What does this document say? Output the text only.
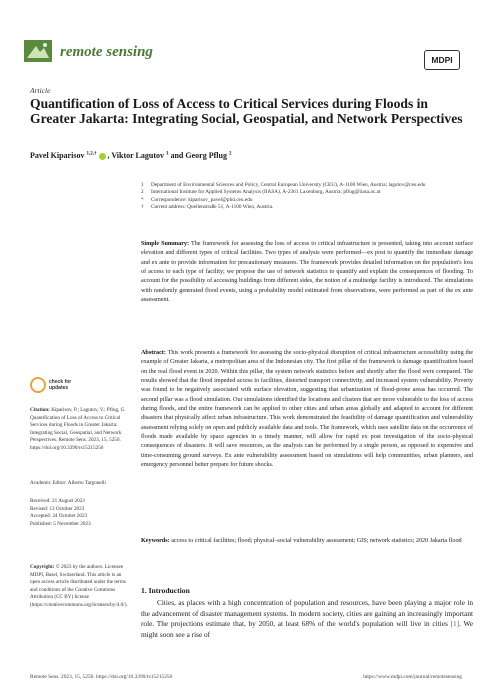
remote sensing	MDPI
Article
Quantification of Loss of Access to Critical Services during Floods in Greater Jakarta: Integrating Social, Geospatial, and Network Perspectives
Pavel Kiparisov $^{1,2,\dagger}$ , Viktor Lagutov $^1$ and Georg Pflug $^2$
1	Department of Environmental Sciences and Policy, Central European University (CEU), A-1100 Wien, Austria; lagutov@ceu.edu
2	International Institute for Applied Systems Analysis (IIASA), A-2361 Laxenburg, Austria; pflug@iiasa.ac.at
*	Correspondence: kiparisov_pavel@phd.ceu.edu
†	Current address: Quellenstraße 51, A-1100 Wien, Austria.
Simple Summary: The framework for assessing the loss of access to critical infrastructure is presented, taking into account surface elevation and different types of critical facilities. Two types of analysis were performed—ex post to quantify the immediate damage and ex ante to provide information for precautionary measures. The framework provides detailed information on the population's loss of access to each type of facility; we propose the use of network statistics to quantify and explain the consequences of flooding. To account for the possibility of accessing buildings from different sides, the notion of a multiedge facility is introduced. The simulations with randomly generated flood events, using a probability model estimated from observations, were performed as part of the ex ante assessment.
Abstract: This work presents a framework for assessing the socio-physical disruption of critical infrastructure accessibility using the example of Greater Jakarta, a metropolitan area of the Indonesian city. The first pillar of the framework is damage quantification based on the real flood event in 2020. Within this pillar, the system network statistics before and shortly after the flood were compared. The results showed that the flood impeded access to facilities, distorted transport connectivity, and increased system vulnerability. Poverty was found to be negatively associated with surface elevation, suggesting that urbanization of flood-prone areas has occurred. The second pillar was a flood simulation. Our simulations identified the locations and clusters that are more vulnerable to the loss of access during floods, and the entire framework can be applied to other cities and urban areas globally and adapted to account for different disasters that physically affect urban infrastructure. This work demonstrated the feasibility of damage quantification and vulnerability assessment relying solely on open and publicly available data and tools. The framework, which uses satellite data on the occurrence of floods made available by space agencies in a timely manner, will allow for rapid ex post investigation of the socio-physical consequences of disasters. It will save resources, as the analysis can be performed by a single person, as opposed to expensive and time-consuming ground surveys. Ex ante vulnerability assessment based on simulations will help communities, urban planners, and emergency personnel better prepare for future shocks.
Keywords: access to critical facilities; flood; physical–social vulnerability assessment; GIS; network statistics; 2020 Jakarta flood
check for
updates
Citation: Kiparisov, P.; Lagutov, V.; Pflug, G. Quantification of Loss of Access to Critical Services during Floods in Greater Jakarta: Integrating Social, Geospatial, and Network Perspectives. Remote Sens. 2023, 15, 5250. https://doi.org/10.3390/rs15215250
Academic Editor: Alberto Targonelli
Received: 21 August 2023
Revised: 13 October 2023
Accepted: 24 October 2023
Published: 5 November 2023
Copyright: © 2023 by the authors. Licensee MDPI, Basel, Switzerland. This article is an open access article distributed under the terms and conditions of the Creative Commons Attribution (CC BY) license (https://creativecommons.org/licenses/by/4.0/).
1. Introduction
Cities, as places with a high concentration of population and resources, have been playing a major role in the advancement of disaster management systems. In modern society, cities are gaining an increasingly important role. The projections estimate that, by 2050, at least 68% of the world's population will live in cities [1]. We might soon see a rise of
Remote Sens. 2023, 15, 5250. https://doi.org/10.3390/rs15215250	https://www.mdpi.com/journal/remotesensing
